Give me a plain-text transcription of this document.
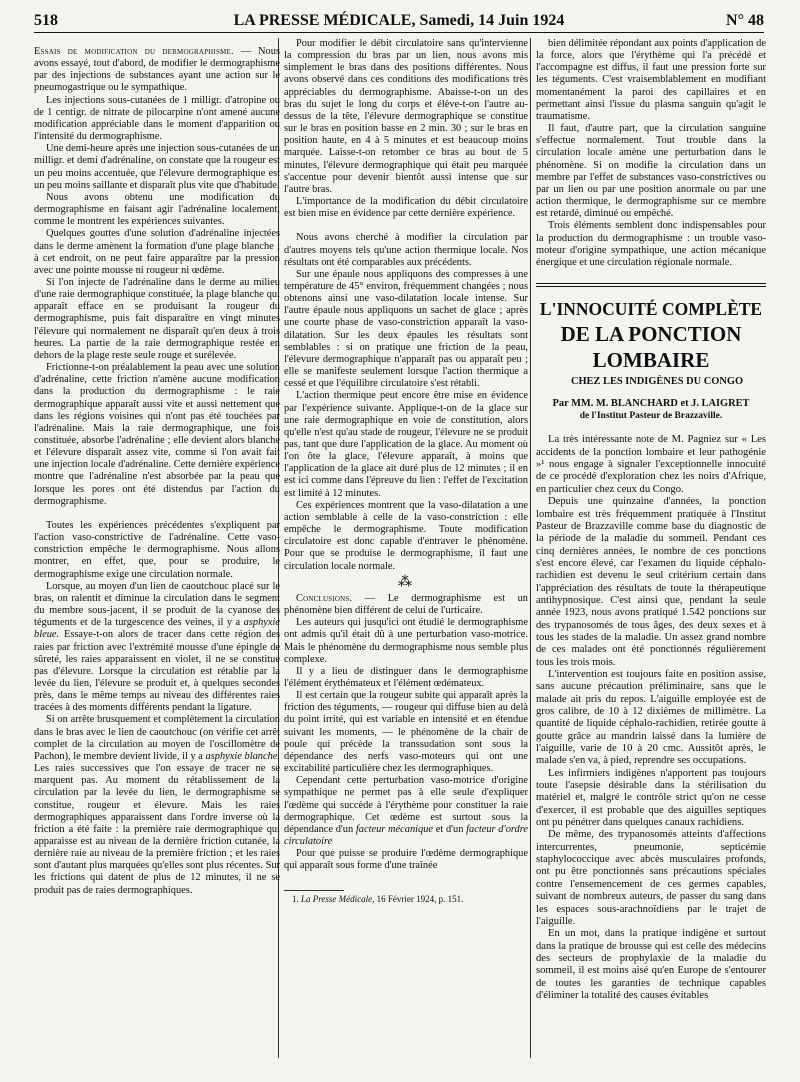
518	LA PRESSE MÉDICALE, Samedi, 14 Juin 1924	N° 48

Essais de modification du dermographisme. — Nous avons essayé, tout d'abord, de modifier le dermographisme par des injections de substances ayant une action sur le pneumogastrique ou le sympathique.

Les injections sous-cutanées de 1 milligr. d'atropine ou de 1 centigr. de nitrate de pilocarpine n'ont amené aucune modification appréciable dans le moment d'apparition ou l'intensité du dermographisme.

Une demi-heure après une injection sous-cutanées de un milligr. et demi d'adrénaline, on constate que la rougeur est un peu moins accentuée, que l'élevure dermographique est un peu moins saillante et disparaît plus vite que d'habitude.

Nous avons obtenu une modification du dermographisme en faisant agir l'adrénaline localement, comme le montrent les expériences suivantes.

Quelques gouttes d'une solution d'adrénaline injectées dans le derme amènent la formation d'une plage blanche ; à cet endroit, on ne peut faire apparaître par la pression avec une pointe mousse ni rougeur ni œdème.

Si l'on injecte de l'adrénaline dans le derme au milieu d'une raie dermographique constituée, la plage blanche qui apparaît efface en se produisant la rougeur du dermographisme, puis fait disparaître en vingt minutes l'élevure qui normalement ne disparaît qu'en deux à trois heures. La partie de la raie dermographique restée en dehors de la plage reste seule rouge et surélevée.

Frictionne-t-on préalablement la peau avec une solution d'adrénaline, cette friction n'amène aucune modification dans la production du dermographisme : le raie dermographique apparaît aussi vite et aussi nettement que dans les régions voisines qui n'ont pas été touchées par l'adrénaline. Mais la raie dermographique, une fois constituée, absorbe l'adrénaline ; elle devient alors blanche et l'élevure disparaît assez vite, comme si l'on avait fait une injection locale d'adrénaline. Cette dernière expérience montre que l'adrénaline n'est absorbée par la peau que lorsque les pores ont été distendus par l'action du dermographisme.

Toutes les expériences précédentes s'expliquent par l'action vaso-constrictive de l'adrénaline. Cette vaso-constriction empêche le dermographisme. Nous allons montrer, en effet, que, pour se produire, le dermographisme exige une circulation normale.

Lorsque, au moyen d'un lien de caoutchouc placé sur le bras, on ralentit et diminue la circulation dans le segment du membre sous-jacent, il se produit de la cyanose des téguments et de la turgescence des veines, il y a asphyxie bleue. Essaye-t-on alors de tracer dans cette région des raies par friction avec l'extrémité mousse d'une épingle de sûreté, les raies apparaissent en violet, il ne se constitue pas d'élevure. Lorsque la circulation est rétablie par la levée du lien, l'élevure se produit et, à quelques secondes près, dans le même temps au niveau des différentes raies tracées à des moments différents pendant la ligature.

Si on arrête brusquement et complètement la circulation dans le bras avec le lien de caoutchouc (on vérifie cet arrêt complet de la circulation au moyen de l'oscillomètre de Pachon), le membre devient livide, il y a asphyxie blanche. Les raies successives que l'on essaye de tracer ne se marquent pas. Au moment du rétablissement de la circulation par la levée du lien, le dermographisme se constitue, rougeur et élevure. Mais les raies dermographiques apparaissent dans l'ordre inverse où la friction a été faite : la première raie dermographique qui apparaisse est au niveau de la dernière friction cutanée, la dernière raie au niveau de la première friction ; et les raies sont d'autant plus marquées qu'elles sont plus récentes. Sur les frictions qui datent de plus de 12 minutes, il ne se produit pas de raies dermographiques.

Pour modifier le débit circulatoire sans qu'intervienne la compression du bras par un lien, nous avons mis simplement le bras dans des positions différentes. Nous avons observé dans ces conditions des modifications très appréciables du dermographisme. Abaisse-t-on un des bras du sujet le long du corps et élève-t-on l'autre au-dessus de la tête, l'élevure dermographique se constitue sur le bras en position basse en 2 min. 30 ; sur le bras en position haute, en 4 à 5 minutes et est beaucoup moins marquée. Laisse-t-on retomber ce bras au bout de 5 minutes, l'élevure dermographique qui était peu marquée s'accentue pour devenir bientôt aussi intense que sur l'autre bras.

L'importance de la modification du débit circulatoire est bien mise en évidence par cette dernière expérience.

Nous avons cherché à modifier la circulation par d'autres moyens tels qu'une action thermique locale. Nos résultats ont été comparables aux précédents.

Sur une épaule nous appliquons des compresses à une température de 45° environ, fréquemment changées ; nous obtenons ainsi une vaso-dilatation locale intense. Sur l'autre épaule nous appliquons un sachet de glace ; après une courte phase de vaso-constriction apparaît la vaso-dilatation. Sur les deux épaules les résultats sont semblables : si on pratique une friction de la peau, l'élevure dermographique n'apparaît pas ou apparaît peu ; elle se manifeste seulement lorsque l'action thermique a cessé et que l'équilibre circulatoire s'est rétabli.

L'action thermique peut encore être mise en évidence par l'expérience suivante. Applique-t-on de la glace sur une raie dermographique en voie de constitution, alors qu'elle n'est qu'au stade de rougeur, l'élevure ne se produit pas, tant que dure l'application de la glace. Au moment où l'on ôte la glace, l'élevure apparaît, à moins que l'application de la glace ait duré plus de 12 minutes ; il en est ici comme dans l'épreuve du lien : l'effet de l'excitation est limité à 12 minutes.

Ces expériences montrent que la vaso-dilatation a une action semblable à celle de la vaso-constriction : elle empêche le dermographisme. Toute modification circulatoire est donc capable d'entraver le phénomène. Pour que se produise le dermographisme, il faut une circulation locale normale.

⁂

Conclusions. — Le dermographisme est un phénomène bien différent de celui de l'urticaire.

Les auteurs qui jusqu'ici ont étudié le dermographisme ont admis qu'il était dû à une perturbation vaso-motrice. Mais le phénomène du dermographisme nous semble plus complexe.

Il y a lieu de distinguer dans le dermographisme l'élément érythémateux et l'élément œdémateux.

Il est certain que la rougeur subite qui apparaît après la friction des téguments, — rougeur qui diffuse bien au delà du point irrité, qui est variable en intensité et en étendue suivant les moments, — le phénomène de la chair de poule qui précède la transsudation sont sous la dépendance des nerfs vaso-moteurs qui ont une excitabilité particulière chez les dermographiques.

Cependant cette perturbation vaso-motrice d'origine sympathique ne permet pas à elle seule d'expliquer l'œdème qui succède à l'érythème pour constituer la raie dermographique. Cet œdème est surtout sous la dépendance d'un facteur mécanique et d'un facteur d'ordre circulatoire

Pour que puisse se produire l'œdème dermographique qui apparaît sous forme d'une traînée

1. La Presse Médicale, 16 Février 1924, p. 151.

bien délimitée répondant aux points d'application de la force, alors que l'érythème qui l'a précédé et l'accompagne est diffus, il faut une pression forte sur les téguments. C'est vraisemblablement en modifiant momentanément la paroi des capillaires et en permettant ainsi l'issue du plasma sanguin qu'agit le traumatisme.

Il faut, d'autre part, que la circulation sanguine s'effectue normalement. Tout trouble dans la circulation locale amène une perturbation dans le phénomène. Si on modifie la circulation dans un membre par l'effet de substances vaso-constrictives ou par un lien ou par une position anormale ou par une action thermique, le dermographisme sur ce membre est retardé, diminué ou empêché.

Trois éléments semblent donc indispensables pour la production du dermographisme : un trouble vaso-moteur d'origine sympathique, une action mécanique énergique et une circulation régionale normale.

L'INNOCUITÉ COMPLÈTE

DE LA PONCTION LOMBAIRE

CHEZ LES INDIGÈNES DU CONGO

Par MM. M. BLANCHARD et J. LAIGRET

de l'Institut Pasteur de Brazzaville.

La très intéressante note de M. Pagniez sur « Les accidents de la ponction lombaire et leur pathogénie »¹ nous engage à signaler l'exceptionnelle innocuité de ce procédé d'exploration chez les noirs d'Afrique, en particulier chez ceux du Congo.

Depuis une quinzaine d'années, la ponction lombaire est très fréquemment pratiquée à l'Institut Pasteur de Brazzaville comme base du diagnostic de la période de la maladie du sommeil. Pendant ces cinq dernières années, le nombre de ces ponctions s'est encore élevé, car l'examen du liquide céphalo-rachidien est devenu le seul critérium certain dans l'appréciation des résultats de toute la thérapeutique antihypnosique. C'est ainsi que, pendant la seule année 1923, nous avons pratiqué 1.542 ponctions sur des trypanosomés de tous âges, des deux sexes et à tous les stades de la maladie. Un assez grand nombre de ces malades ont été ponctionnés régulièrement tous les trois mois.

L'intervention est toujours faite en position assise, sans aucune précaution préliminaire, sans que le malade ait pris du repos. L'aiguille employée est de gros calibre, de 10 à 12 dixièmes de millimètre. La quantité de liquide céphalo-rachidien, retirée goutte à goutte grâce au mandrin laissé dans la lumière de l'aiguille, varie de 10 à 20 cmc. Aussitôt après, le malade s'en va, à pied, reprendre ses occupations.

Les infirmiers indigènes n'apportent pas toujours toute l'asepsie désirable dans la stérilisation du matériel et, malgré le contrôle strict qu'on ne cesse d'exercer, il est probable que des aiguilles septiques ont pu pénétrer dans quelques canaux rachidiens.

De même, des trypanosomés atteints d'affections intercurrentes, pneumonie, septicémie staphylococcique avec abcès musculaires profonds, ont pu être ponctionnés sans précautions spéciales contre l'ensemencement de ces germes capables, suivant de nombreux auteurs, de passer du sang dans les espaces sous-arachnoïdiens par le trajet de l'aiguille.

En un mot, dans la pratique indigène et surtout dans la pratique de brousse qui est celle des médecins des secteurs de prophylaxie de la maladie du sommeil, il est moins aisé qu'en Europe de s'entourer de toutes les garanties de technique capables d'éliminer la totalité des causes évitables
